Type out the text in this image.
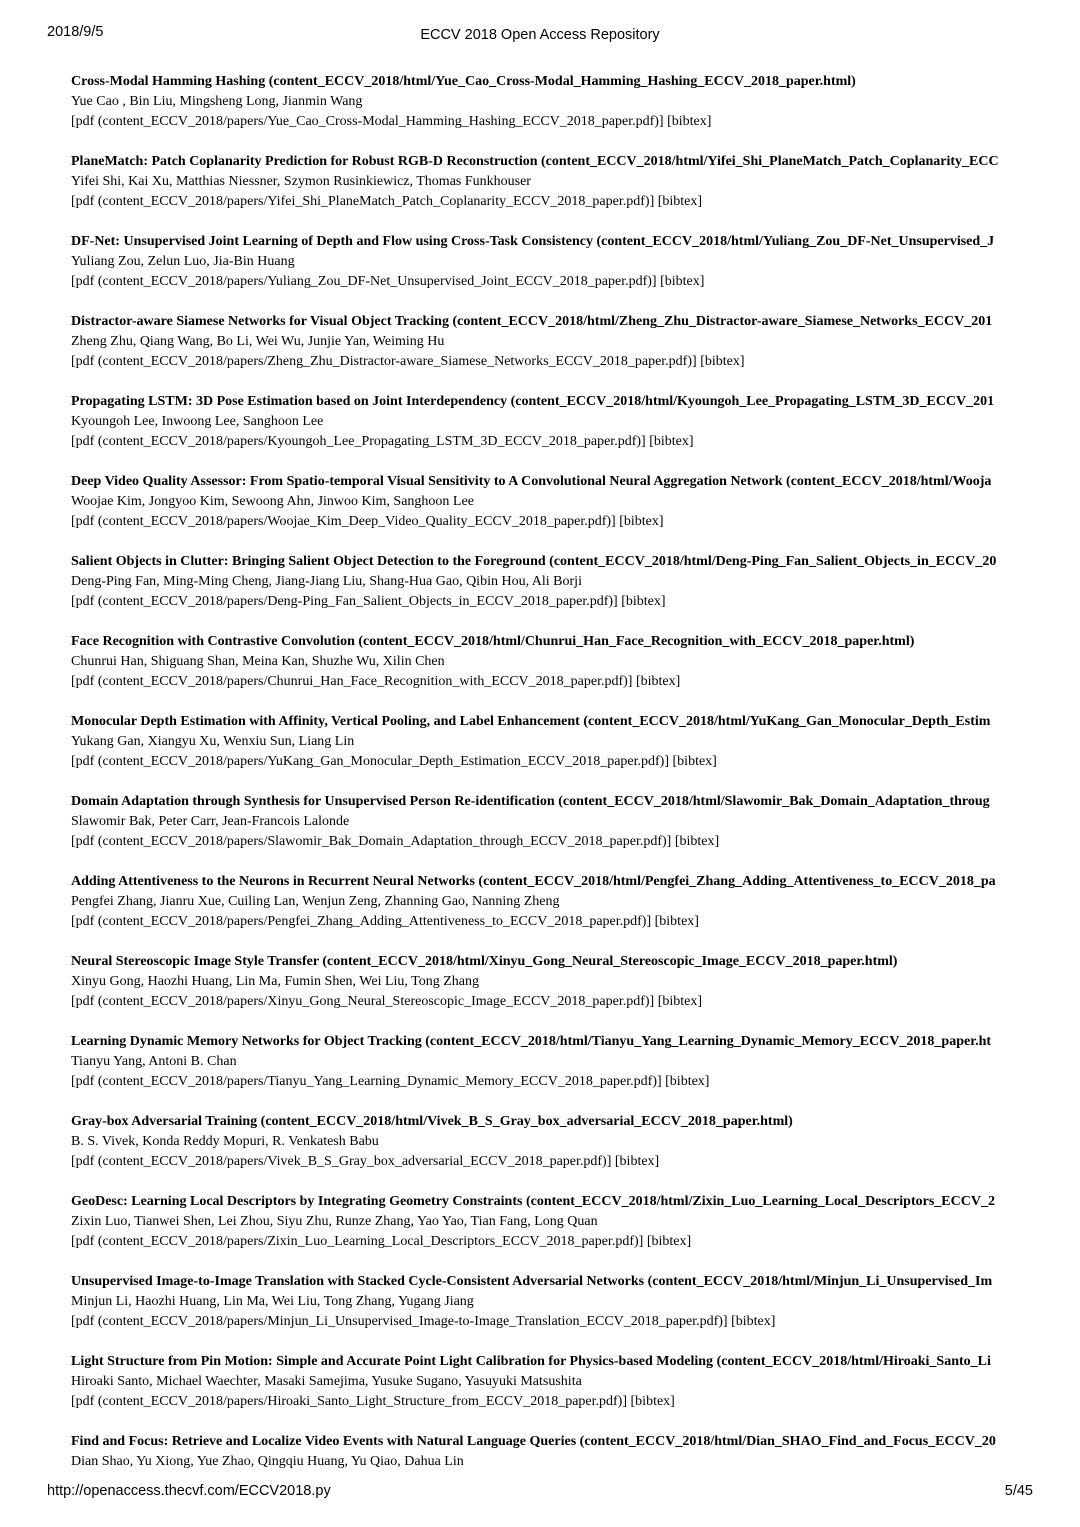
2018/9/5	ECCV 2018 Open Access Repository
Cross-Modal Hamming Hashing (content_ECCV_2018/html/Yue_Cao_Cross-Modal_Hamming_Hashing_ECCV_2018_paper.html)
Yue Cao , Bin Liu, Mingsheng Long, Jianmin Wang
[pdf (content_ECCV_2018/papers/Yue_Cao_Cross-Modal_Hamming_Hashing_ECCV_2018_paper.pdf)] [bibtex]
PlaneMatch: Patch Coplanarity Prediction for Robust RGB-D Reconstruction (content_ECCV_2018/html/Yifei_Shi_PlaneMatch_Patch_Coplanarity_ECC
Yifei Shi, Kai Xu, Matthias Niessner, Szymon Rusinkiewicz, Thomas Funkhouser
[pdf (content_ECCV_2018/papers/Yifei_Shi_PlaneMatch_Patch_Coplanarity_ECCV_2018_paper.pdf)] [bibtex]
DF-Net: Unsupervised Joint Learning of Depth and Flow using Cross-Task Consistency (content_ECCV_2018/html/Yuliang_Zou_DF-Net_Unsupervised_J
Yuliang Zou, Zelun Luo, Jia-Bin Huang
[pdf (content_ECCV_2018/papers/Yuliang_Zou_DF-Net_Unsupervised_Joint_ECCV_2018_paper.pdf)] [bibtex]
Distractor-aware Siamese Networks for Visual Object Tracking (content_ECCV_2018/html/Zheng_Zhu_Distractor-aware_Siamese_Networks_ECCV_201
Zheng Zhu, Qiang Wang, Bo Li, Wei Wu, Junjie Yan, Weiming Hu
[pdf (content_ECCV_2018/papers/Zheng_Zhu_Distractor-aware_Siamese_Networks_ECCV_2018_paper.pdf)] [bibtex]
Propagating LSTM: 3D Pose Estimation based on Joint Interdependency (content_ECCV_2018/html/Kyoungoh_Lee_Propagating_LSTM_3D_ECCV_201
Kyoungoh Lee, Inwoong Lee, Sanghoon Lee
[pdf (content_ECCV_2018/papers/Kyoungoh_Lee_Propagating_LSTM_3D_ECCV_2018_paper.pdf)] [bibtex]
Deep Video Quality Assessor: From Spatio-temporal Visual Sensitivity to A Convolutional Neural Aggregation Network (content_ECCV_2018/html/Wooja
Woojae Kim, Jongyoo Kim, Sewoong Ahn, Jinwoo Kim, Sanghoon Lee
[pdf (content_ECCV_2018/papers/Woojae_Kim_Deep_Video_Quality_ECCV_2018_paper.pdf)] [bibtex]
Salient Objects in Clutter: Bringing Salient Object Detection to the Foreground (content_ECCV_2018/html/Deng-Ping_Fan_Salient_Objects_in_ECCV_20
Deng-Ping Fan, Ming-Ming Cheng, Jiang-Jiang Liu, Shang-Hua Gao, Qibin Hou, Ali Borji
[pdf (content_ECCV_2018/papers/Deng-Ping_Fan_Salient_Objects_in_ECCV_2018_paper.pdf)] [bibtex]
Face Recognition with Contrastive Convolution (content_ECCV_2018/html/Chunrui_Han_Face_Recognition_with_ECCV_2018_paper.html)
Chunrui Han, Shiguang Shan, Meina Kan, Shuzhe Wu, Xilin Chen
[pdf (content_ECCV_2018/papers/Chunrui_Han_Face_Recognition_with_ECCV_2018_paper.pdf)] [bibtex]
Monocular Depth Estimation with Affinity, Vertical Pooling, and Label Enhancement (content_ECCV_2018/html/YuKang_Gan_Monocular_Depth_Estim
Yukang Gan, Xiangyu Xu, Wenxiu Sun, Liang Lin
[pdf (content_ECCV_2018/papers/YuKang_Gan_Monocular_Depth_Estimation_ECCV_2018_paper.pdf)] [bibtex]
Domain Adaptation through Synthesis for Unsupervised Person Re-identification (content_ECCV_2018/html/Slawomir_Bak_Domain_Adaptation_throug
Slawomir Bak, Peter Carr, Jean-Francois Lalonde
[pdf (content_ECCV_2018/papers/Slawomir_Bak_Domain_Adaptation_through_ECCV_2018_paper.pdf)] [bibtex]
Adding Attentiveness to the Neurons in Recurrent Neural Networks (content_ECCV_2018/html/Pengfei_Zhang_Adding_Attentiveness_to_ECCV_2018_pa
Pengfei Zhang, Jianru Xue, Cuiling Lan, Wenjun Zeng, Zhanning Gao, Nanning Zheng
[pdf (content_ECCV_2018/papers/Pengfei_Zhang_Adding_Attentiveness_to_ECCV_2018_paper.pdf)] [bibtex]
Neural Stereoscopic Image Style Transfer (content_ECCV_2018/html/Xinyu_Gong_Neural_Stereoscopic_Image_ECCV_2018_paper.html)
Xinyu Gong, Haozhi Huang, Lin Ma, Fumin Shen, Wei Liu, Tong Zhang
[pdf (content_ECCV_2018/papers/Xinyu_Gong_Neural_Stereoscopic_Image_ECCV_2018_paper.pdf)] [bibtex]
Learning Dynamic Memory Networks for Object Tracking (content_ECCV_2018/html/Tianyu_Yang_Learning_Dynamic_Memory_ECCV_2018_paper.ht
Tianyu Yang, Antoni B. Chan
[pdf (content_ECCV_2018/papers/Tianyu_Yang_Learning_Dynamic_Memory_ECCV_2018_paper.pdf)] [bibtex]
Gray-box Adversarial Training (content_ECCV_2018/html/Vivek_B_S_Gray_box_adversarial_ECCV_2018_paper.html)
B. S. Vivek, Konda Reddy Mopuri, R. Venkatesh Babu
[pdf (content_ECCV_2018/papers/Vivek_B_S_Gray_box_adversarial_ECCV_2018_paper.pdf)] [bibtex]
GeoDesc: Learning Local Descriptors by Integrating Geometry Constraints (content_ECCV_2018/html/Zixin_Luo_Learning_Local_Descriptors_ECCV_2
Zixin Luo, Tianwei Shen, Lei Zhou, Siyu Zhu, Runze Zhang, Yao Yao, Tian Fang, Long Quan
[pdf (content_ECCV_2018/papers/Zixin_Luo_Learning_Local_Descriptors_ECCV_2018_paper.pdf)] [bibtex]
Unsupervised Image-to-Image Translation with Stacked Cycle-Consistent Adversarial Networks (content_ECCV_2018/html/Minjun_Li_Unsupervised_Im
Minjun Li, Haozhi Huang, Lin Ma, Wei Liu, Tong Zhang, Yugang Jiang
[pdf (content_ECCV_2018/papers/Minjun_Li_Unsupervised_Image-to-Image_Translation_ECCV_2018_paper.pdf)] [bibtex]
Light Structure from Pin Motion: Simple and Accurate Point Light Calibration for Physics-based Modeling (content_ECCV_2018/html/Hiroaki_Santo_Li
Hiroaki Santo, Michael Waechter, Masaki Samejima, Yusuke Sugano, Yasuyuki Matsushita
[pdf (content_ECCV_2018/papers/Hiroaki_Santo_Light_Structure_from_ECCV_2018_paper.pdf)] [bibtex]
Find and Focus: Retrieve and Localize Video Events with Natural Language Queries (content_ECCV_2018/html/Dian_SHAO_Find_and_Focus_ECCV_20
Dian Shao, Yu Xiong, Yue Zhao, Qingqiu Huang, Yu Qiao, Dahua Lin
http://openaccess.thecvf.com/ECCV2018.py	5/45
